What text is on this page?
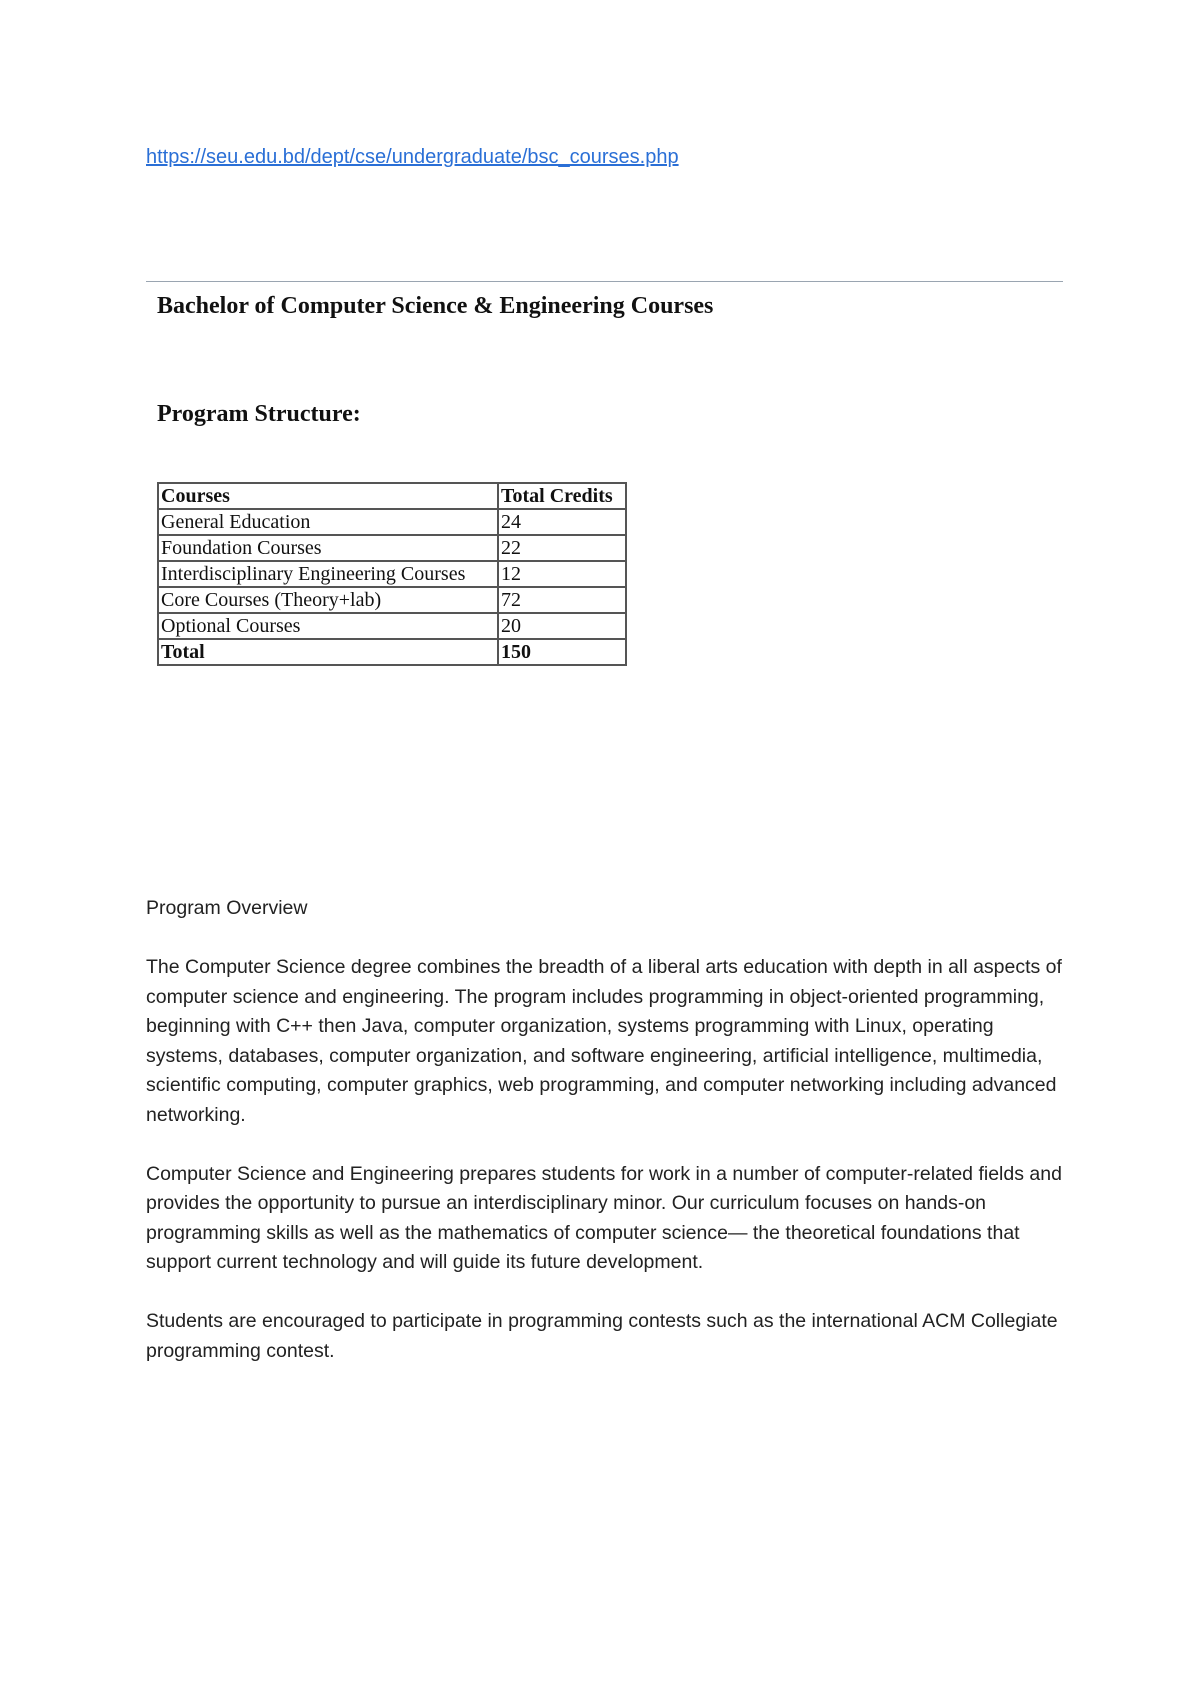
https://seu.edu.bd/dept/cse/undergraduate/bsc_courses.php
Bachelor of Computer Science & Engineering Courses
Program Structure:
Courses	Total Credits
General Education	24
Foundation Courses	22
Interdisciplinary Engineering Courses	12
Core Courses (Theory+lab)	72
Optional Courses	20
Total	150

Program Overview

The Computer Science degree combines the breadth of a liberal arts education with depth in all aspects of computer science and engineering. The program includes programming in object-oriented programming, beginning with C++ then Java, computer organization, systems programming with Linux, operating systems, databases, computer organization, and software engineering, artificial intelligence, multimedia, scientific computing, computer graphics, web programming, and computer networking including advanced networking.

Computer Science and Engineering prepares students for work in a number of computer-related fields and provides the opportunity to pursue an interdisciplinary minor. Our curriculum focuses on hands-on programming skills as well as the mathematics of computer science— the theoretical foundations that support current technology and will guide its future development.

Students are encouraged to participate in programming contests such as the international ACM Collegiate programming contest.
